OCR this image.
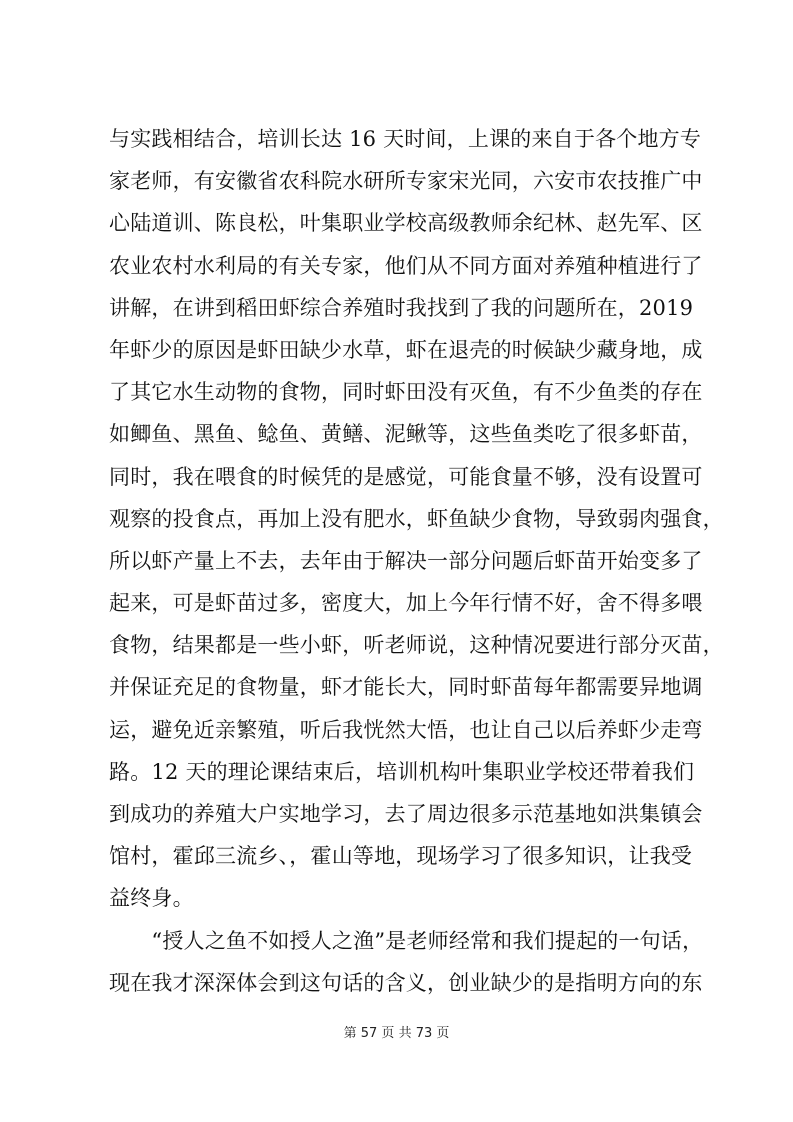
与实践相结合，培训长达 16 天时间，上课的来自于各个地方专
家老师，有安徽省农科院水研所专家宋光同，六安市农技推广中
心陆道训、陈良松，叶集职业学校高级教师余纪林、赵先军、区
农业农村水利局的有关专家，他们从不同方面对养殖种植进行了
讲解，在讲到稻田虾综合养殖时我找到了我的问题所在，2019
年虾少的原因是虾田缺少水草，虾在退壳的时候缺少藏身地，成
了其它水生动物的食物，同时虾田没有灭鱼，有不少鱼类的存在
如鲫鱼、黑鱼、鲶鱼、黄鳝、泥鳅等，这些鱼类吃了很多虾苗，
同时，我在喂食的时候凭的是感觉，可能食量不够，没有设置可
观察的投食点，再加上没有肥水，虾鱼缺少食物，导致弱肉强食，
所以虾产量上不去，去年由于解决一部分问题后虾苗开始变多了
起来，可是虾苗过多，密度大，加上今年行情不好，舍不得多喂
食物，结果都是一些小虾，听老师说，这种情况要进行部分灭苗，
并保证充足的食物量，虾才能长大，同时虾苗每年都需要异地调
运，避免近亲繁殖，听后我恍然大悟，也让自己以后养虾少走弯
路。12 天的理论课结束后，培训机构叶集职业学校还带着我们
到成功的养殖大户实地学习，去了周边很多示范基地如洪集镇会
馆村，霍邱三流乡、，霍山等地，现场学习了很多知识，让我受
益终身。
　　“授人之鱼不如授人之渔”是老师经常和我们提起的一句话，
现在我才深深体会到这句话的含义，创业缺少的是指明方向的东
第 57 页 共 73 页
